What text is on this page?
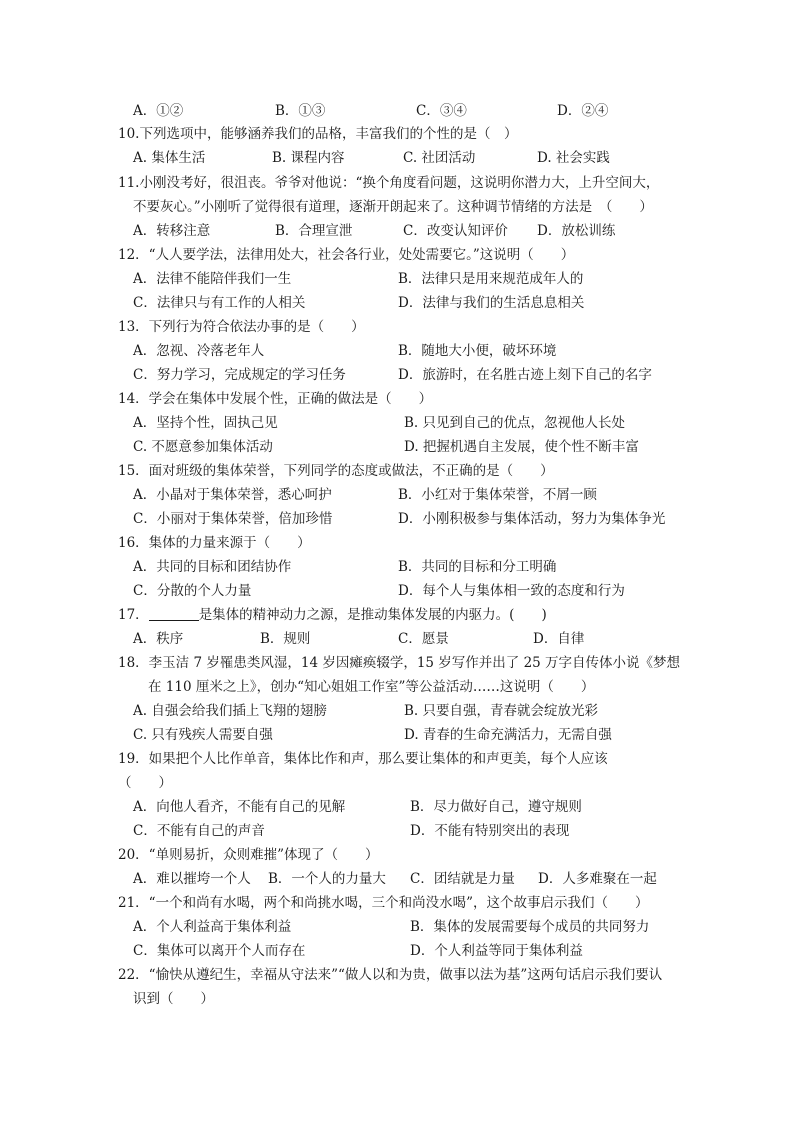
A．①②	B．①③	C．③④	D．②④
10.下列选项中，能够涵养我们的品格，丰富我们的个性的是（　）
A. 集体生活	B. 课程内容	C. 社团活动	D. 社会实践
11.小刚没考好，很沮丧。爷爷对他说：“换个角度看问题，这说明你潜力大，上升空间大，
不要灰心。”小刚听了觉得很有道理，逐渐开朗起来了。这种调节情绪的方法是　（　　）
A．转移注意	B．合理宣泄	C．改变认知评价 D．放松训练
12．“人人要学法，法律用处大，社会各行业，处处需要它。”这说明（　　）
A．法律不能陪伴我们一生	B．法律只是用来规范成年人的
C．法律只与有工作的人相关	D．法律与我们的生活息息相关
13．下列行为符合依法办事的是（　　）
A．忽视、冷落老年人	B．随地大小便，破坏环境
C．努力学习，完成规定的学习任务	D．旅游时，在名胜古迹上刻下自己的名字
14．学会在集体中发展个性，正确的做法是（　　）
A．坚持个性，固执己见	B. 只见到自己的优点，忽视他人长处
C. 不愿意参加集体活动	D. 把握机遇自主发展，使个性不断丰富
15．面对班级的集体荣誉，下列同学的态度或做法，不正确的是（　　）
A．小晶对于集体荣誉，悉心呵护	B．小红对于集体荣誉，不屑一顾
C．小丽对于集体荣誉，倍加珍惜	D．小刚积极参与集体活动，努力为集体争光
16．集体的力量来源于（　　）
A．共同的目标和团结协作	B．共同的目标和分工明确
C．分散的个人力量	D．每个人与集体相一致的态度和行为
17．	是集体的精神动力之源，是推动集体发展的内驱力。(　　)
A．秩序	B．规则	C．愿景	D．自律
18．李玉洁 7 岁罹患类风湿，14 岁因瘫痪辍学，15 岁写作并出了 25 万字自传体小说《梦想
在 110 厘米之上》，创办“知心姐姐工作室”等公益活动……这说明（　　）
A. 自强会给我们插上飞翔的翅膀	B. 只要自强，青春就会绽放光彩
C. 只有残疾人需要自强	D. 青春的生命充满活力，无需自强
19．如果把个人比作单音，集体比作和声，那么要让集体的和声更美，每个人应该
（　　）
A．向他人看齐，不能有自己的见解	B．尽力做好自己，遵守规则
C．不能有自己的声音	D．不能有特别突出的表现
20．“单则易折，众则难摧”体现了（　　）
A．难以摧垮一个人 B．一个人的力量大 C．团结就是力量 D．人多难聚在一起
21．“一个和尚有水喝，两个和尚挑水喝，三个和尚没水喝”，这个故事启示我们（　　）
A．个人利益高于集体利益	B．集体的发展需要每个成员的共同努力
C．集体可以离开个人而存在	D．个人利益等同于集体利益
22．“愉快从遵纪生，幸福从守法来”“做人以和为贵，做事以法为基”这两句话启示我们要认
识到（　　）
